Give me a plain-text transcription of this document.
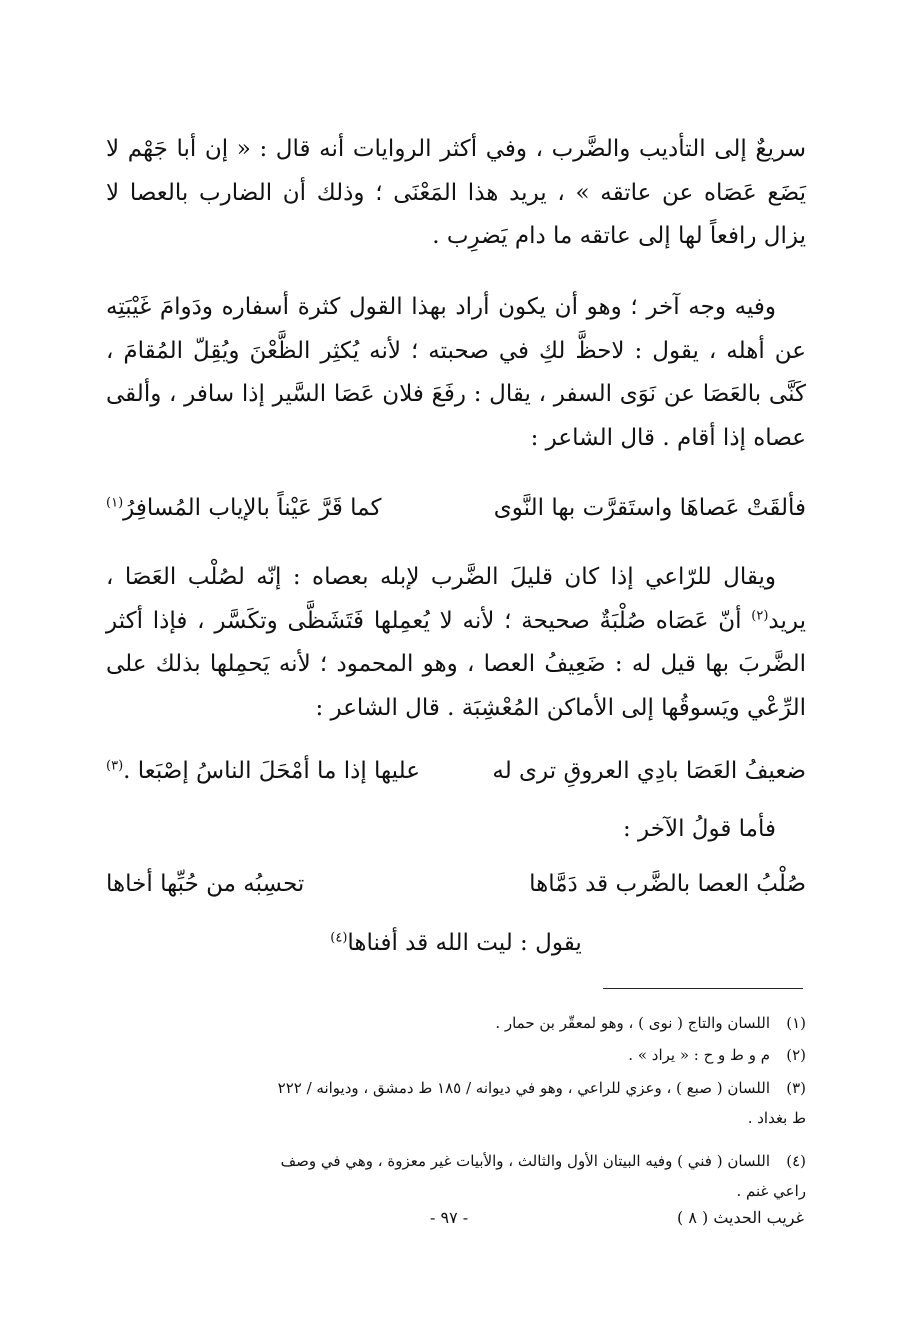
سريعٌ إلى التأديب والضَّرب ، وفي أكثر الروايات أنه قال : « إن أبا جَهْم لا يَضَع عَصَاه عن عاتقه » ، يريد هذا المَعْنَى ؛ وذلك أن الضارب بالعصا لا يزال رافعاً لها إلى عاتقه ما دام يَضرِب .

وفيه وجه آخر ؛ وهو أن يكون أراد بهذا القول كثرة أسفاره ودَوامَ غَيْبَتِه عن أهله ، يقول : لاحظَّ لكِ في صحبته ؛ لأنه يُكثِر الظَّعْنَ ويُقِلّ المُقامَ ، كَنَّى بالعَصَا عن نَوَى السفر ، يقال : رفَعَ فلان عَصَا السَّير إذا سافر ، وألقى عصاه إذا أقام . قال الشاعر :

فألقَتْ عَصاهَا واستَقرَّت بها النَّوى
كما قَرَّ عَيْناً بالإياب المُسافِرُ$^{(١)}$

ويقال للرّاعي إذا كان قليلَ الضَّرب لإبله بعصاه : إنّه لصُلْب العَصَا ، يريد$^{(٢)}$ أنّ عَصَاه صُلْبَةٌ صحيحة ؛ لأنه لا يُعمِلها فَتَشَظَّى وتكَسَّر ، فإذا أكثر الضَّربَ بها قيل له : ضَعِيفُ العصا ، وهو المحمود ؛ لأنه يَحمِلها بذلك على الرِّعْي ويَسوقُها إلى الأماكن المُعْشِبَة . قال الشاعر :

ضعيفُ العَصَا بادِي العروقِ ترى له
عليها إذا ما أمْحَلَ الناسُ إصْبَعا .$^{(٣)}$

فأما قولُ الآخر :

صُلْبُ العصا بالضَّرب قد دَمَّاها
تحسِبُه من حُبِّها أخاها

يقول : ليت الله قد أفناها$^{(٤)}$

(١)اللسان والتاج ( نوى ) ، وهو لمعقّر بن حمار .
(٢)م و ط و ح : « يراد » .
(٣)اللسان ( صبع ) ، وعزي للراعي ، وهو في ديوانه / ١٨٥ ط دمشق ، وديوانه / ٢٢٢
ط بغداد .
(٤)اللسان ( فني ) وفيه البيتان الأول والثالث ، والأبيات غير معزوة ، وهي في وصف
راعي غنم .
- ٩٧ -	غريب الحديث ( ٨ )
